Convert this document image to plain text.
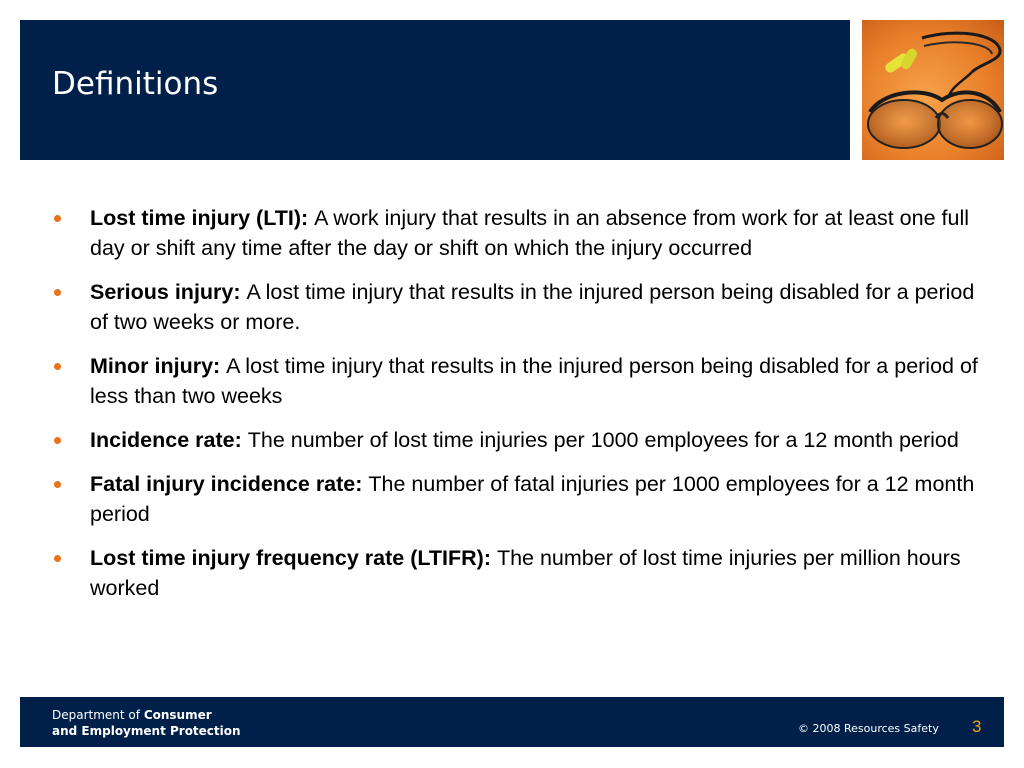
Definitions
Lost time injury (LTI): A work injury that results in an absence from work for at least one full day or shift any time after the day or shift on which the injury occurred
Serious injury: A lost time injury that results in the injured person being disabled for a period of two weeks or more.
Minor injury: A lost time injury that results in the injured person being disabled for a period of less than two weeks
Incidence rate: The number of lost time injuries per 1000 employees for a 12 month period
Fatal injury incidence rate: The number of fatal injuries per 1000 employees for a 12 month period
Lost time injury frequency rate (LTIFR): The number of lost time injuries per million hours worked
Department of Consumer
and Employment Protection	© 2008 Resources Safety 3
